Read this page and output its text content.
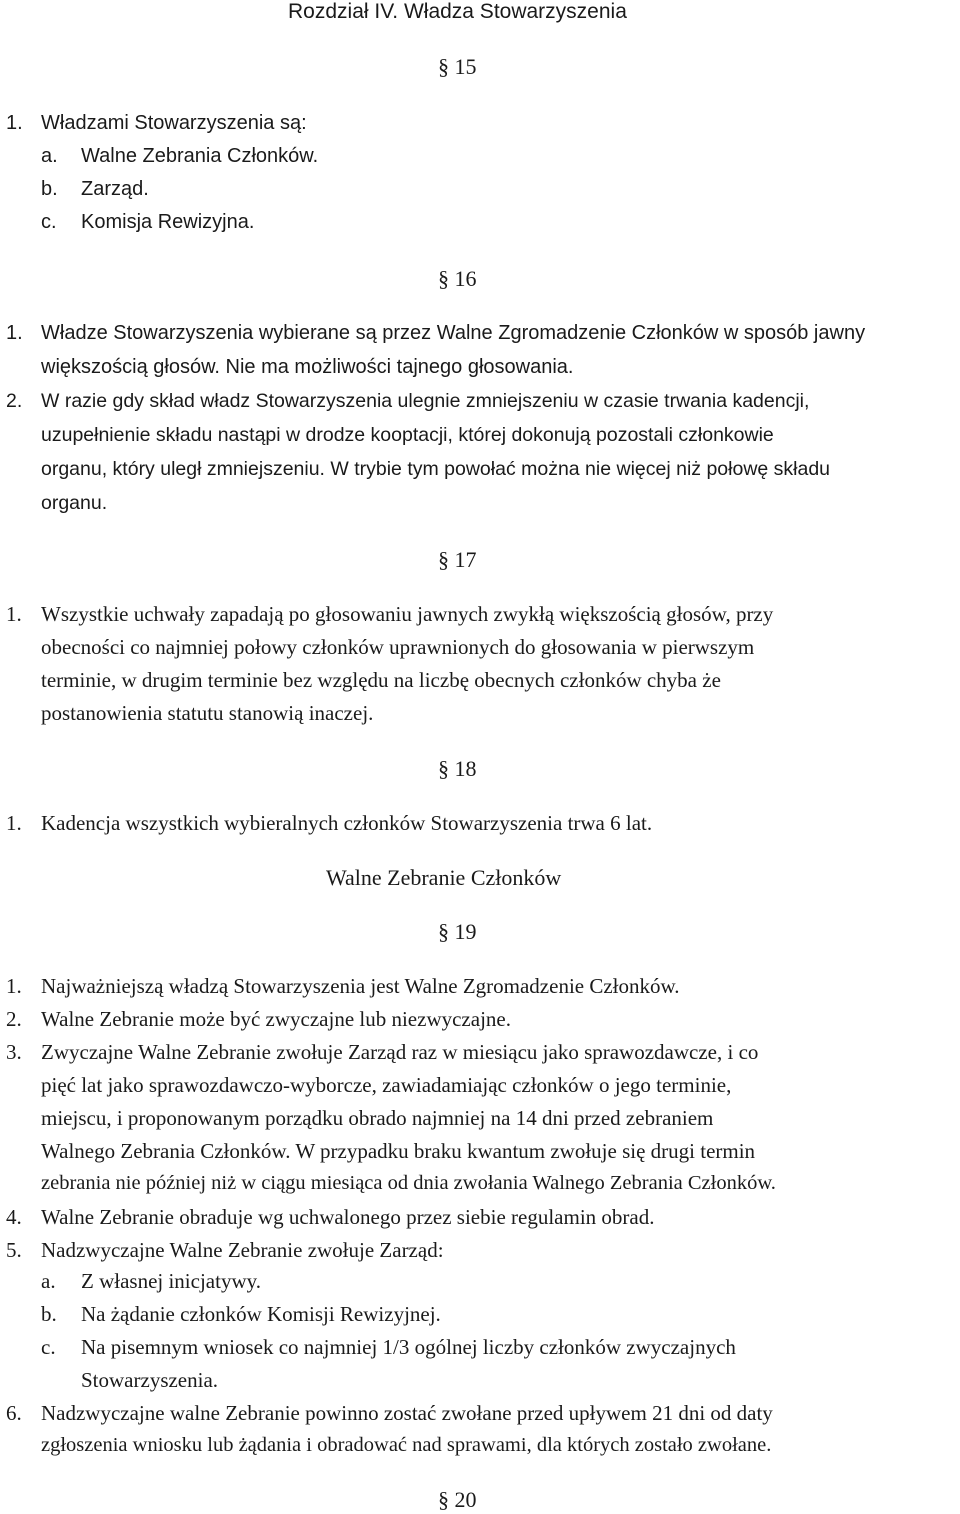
Rozdział IV. Władza Stowarzyszenia
§ 15
1. Władzami Stowarzyszenia są:
a. Walne Zebrania Członków.
b. Zarząd.
c. Komisja Rewizyjna.
§ 16
1. Władze Stowarzyszenia wybierane są przez Walne Zgromadzenie Członków w sposób jawny
większością głosów. Nie ma możliwości tajnego głosowania.
2. W razie gdy skład władz Stowarzyszenia ulegnie zmniejszeniu w czasie trwania kadencji,
uzupełnienie składu nastąpi w drodze kooptacji, której dokonują pozostali członkowie
organu, który uległ zmniejszeniu. W trybie tym powołać można nie więcej niż połowę składu
organu.
§ 17
1. Wszystkie uchwały zapadają po głosowaniu jawnych zwykłą większością głosów, przy
obecności co najmniej połowy członków uprawnionych do głosowania w pierwszym
terminie, w drugim terminie bez względu na liczbę obecnych członków chyba że
postanowienia statutu stanowią inaczej.
§ 18
1. Kadencja wszystkich wybieralnych członków Stowarzyszenia trwa 6 lat.
Walne Zebranie Członków
§ 19
1. Najważniejszą władzą Stowarzyszenia jest Walne Zgromadzenie Członków.
2. Walne Zebranie może być zwyczajne lub niezwyczajne.
3. Zwyczajne Walne Zebranie zwołuje Zarząd raz w miesiącu jako sprawozdawcze, i co
pięć lat jako sprawozdawczo-wyborcze, zawiadamiając członków o jego terminie,
miejscu, i proponowanym porządku obrado najmniej na 14 dni przed zebraniem
Walnego Zebrania Członków. W przypadku braku kwantum zwołuje się drugi termin
zebrania nie później niż w ciągu miesiąca od dnia zwołania Walnego Zebrania Członków.
4. Walne Zebranie obraduje wg uchwalonego przez siebie regulamin obrad.
5. Nadzwyczajne Walne Zebranie zwołuje Zarząd:
a. Z własnej inicjatywy.
b. Na żądanie członków Komisji Rewizyjnej.
c. Na pisemnym wniosek co najmniej 1/3 ogólnej liczby członków zwyczajnych
Stowarzyszenia.
6. Nadzwyczajne walne Zebranie powinno zostać zwołane przed upływem 21 dni od daty
zgłoszenia wniosku lub żądania i obradować nad sprawami, dla których zostało zwołane.
§ 20
